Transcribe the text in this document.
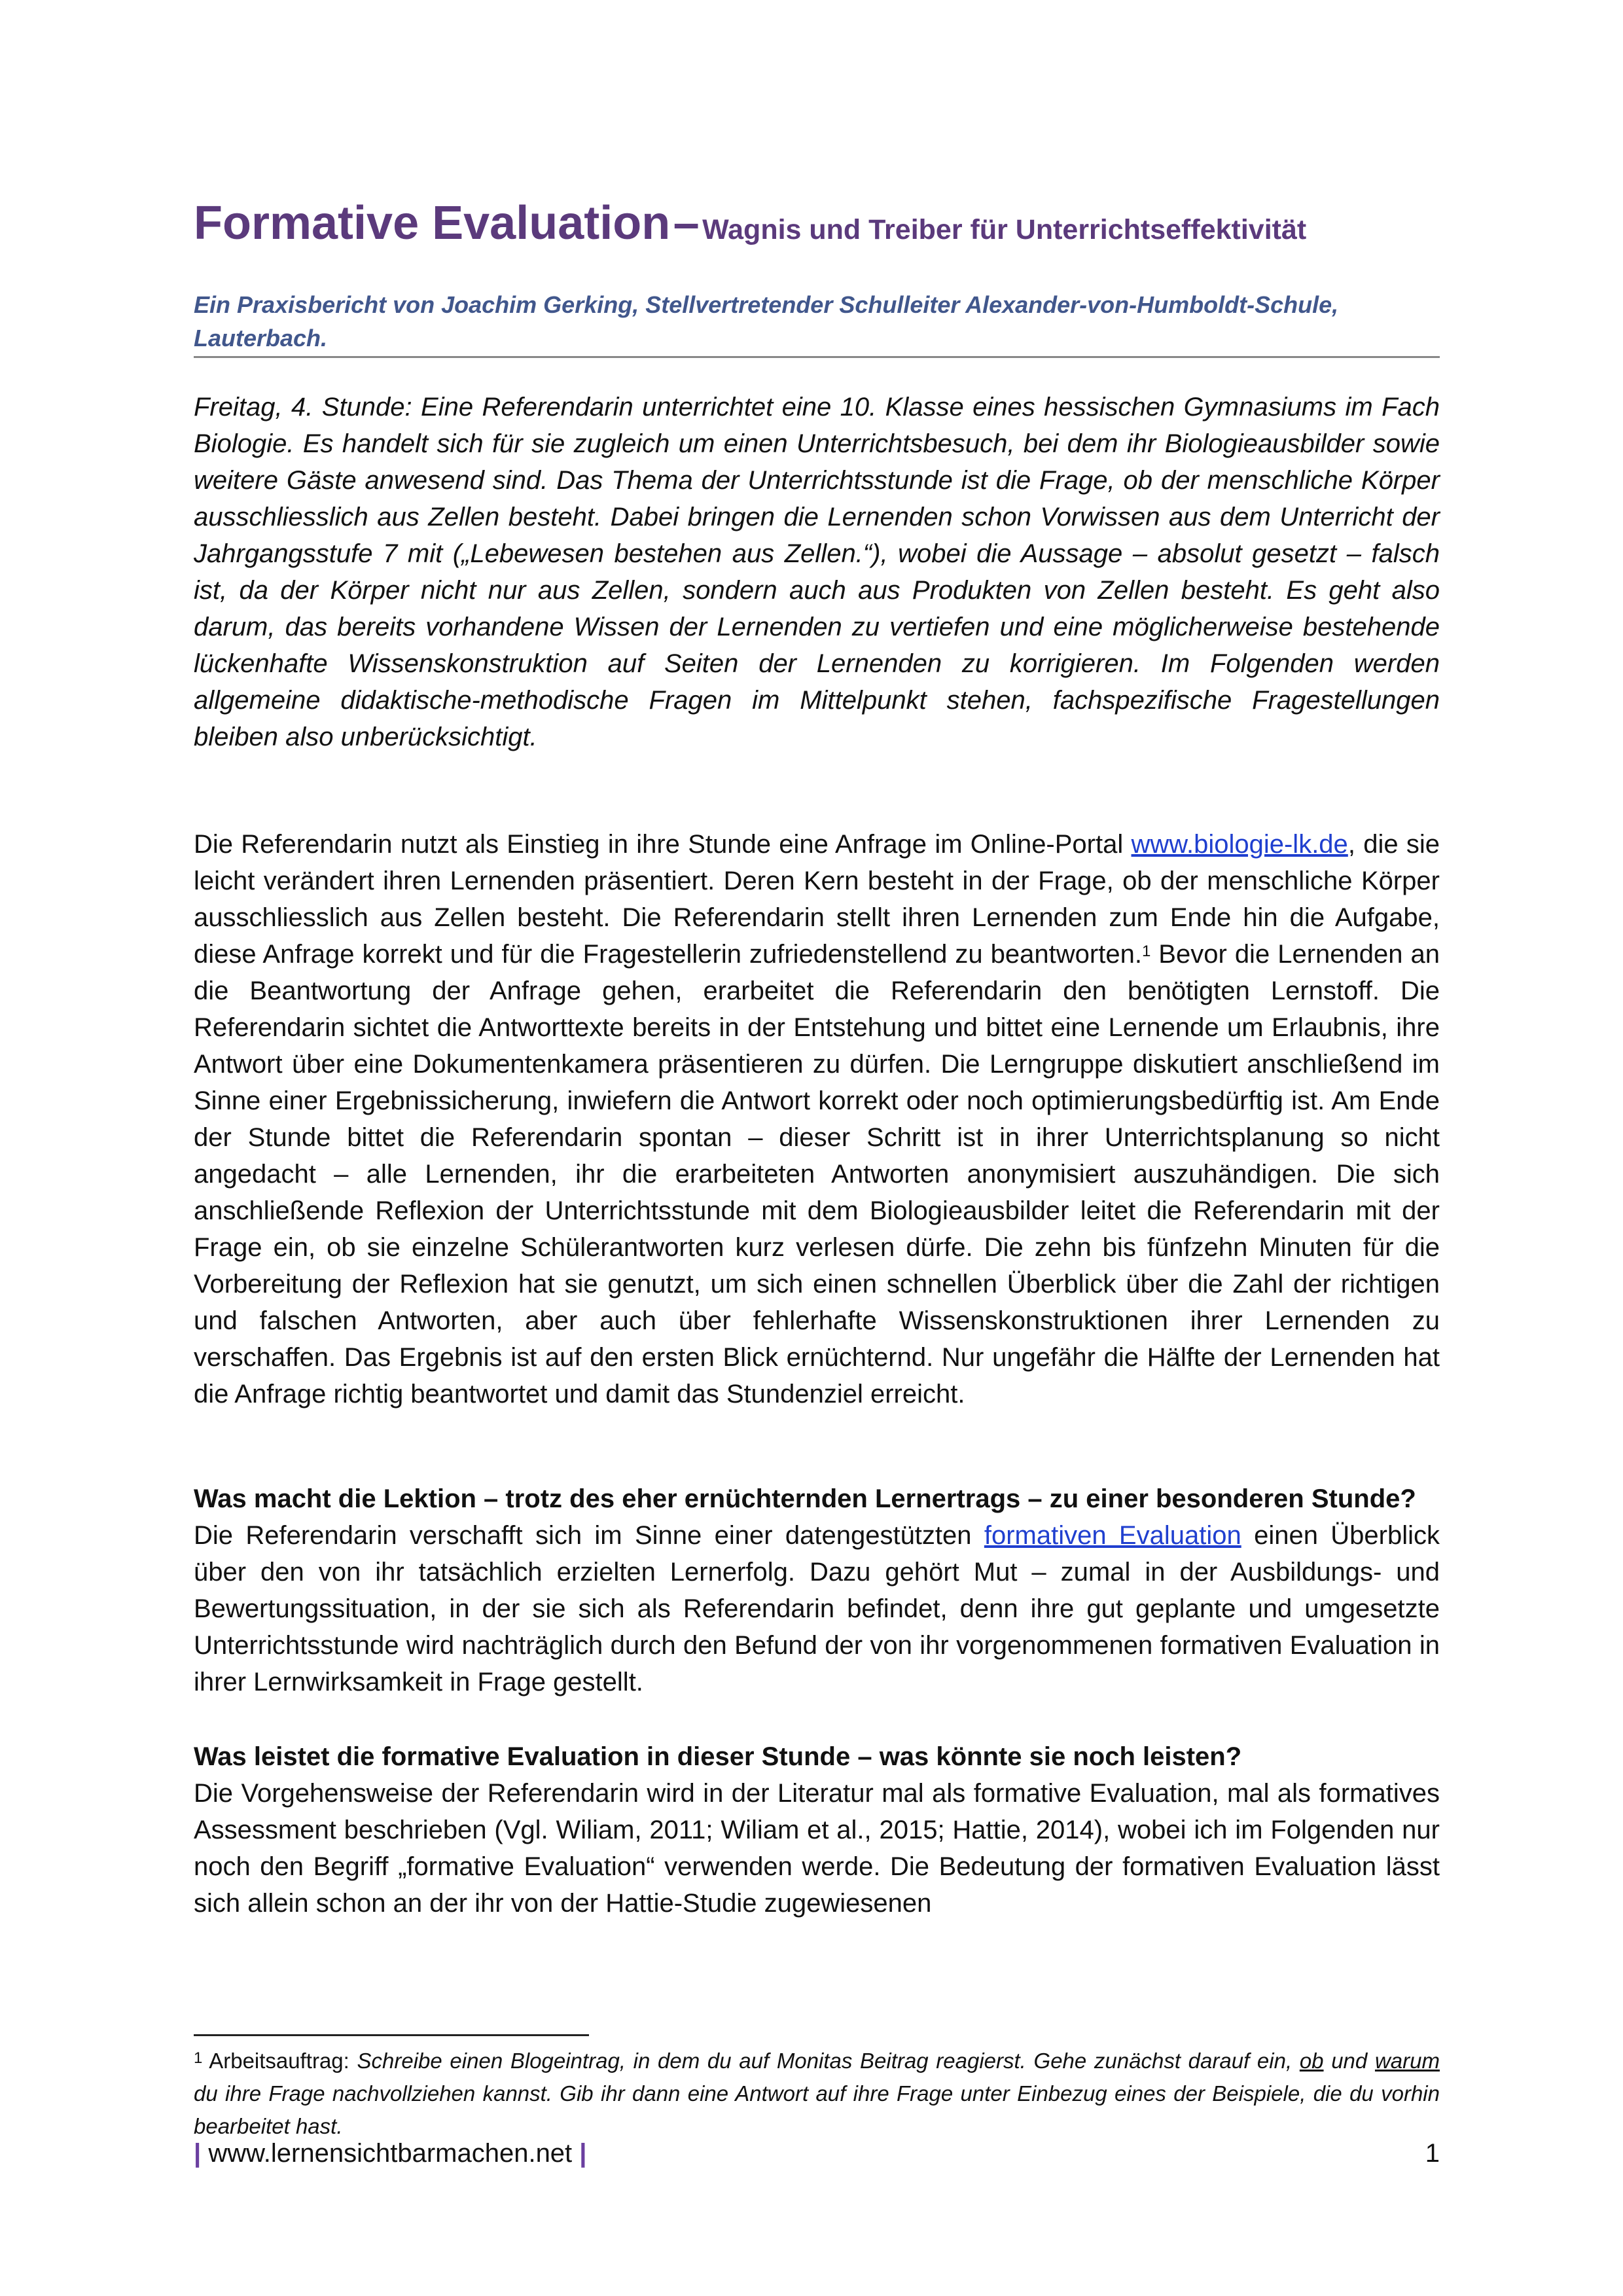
Formative Evaluation – Wagnis und Treiber für Unterrichtseffektivität
Ein Praxisbericht von Joachim Gerking, Stellvertretender Schulleiter Alexander-von-Humboldt-Schule, Lauterbach.
Freitag, 4. Stunde: Eine Referendarin unterrichtet eine 10. Klasse eines hessischen Gymnasiums im Fach Biologie. Es handelt sich für sie zugleich um einen Unterrichtsbesuch, bei dem ihr Biologieausbilder sowie weitere Gäste anwesend sind. Das Thema der Unterrichtsstunde ist die Frage, ob der menschliche Körper ausschliesslich aus Zellen besteht. Dabei bringen die Lernenden schon Vorwissen aus dem Unterricht der Jahrgangsstufe 7 mit („Lebewesen bestehen aus Zellen.“), wobei die Aussage – absolut gesetzt – falsch ist, da der Körper nicht nur aus Zellen, sondern auch aus Produkten von Zellen besteht. Es geht also darum, das bereits vorhandene Wissen der Lernenden zu vertiefen und eine möglicherweise bestehende lückenhafte Wissenskonstruktion auf Seiten der Lernenden zu korrigieren. Im Folgenden werden allgemeine didaktische-methodische Fragen im Mittelpunkt stehen, fachspezifische Fragestellungen bleiben also unberücksichtigt.
Die Referendarin nutzt als Einstieg in ihre Stunde eine Anfrage im Online-Portal www.biologie-lk.de, die sie leicht verändert ihren Lernenden präsentiert. Deren Kern besteht in der Frage, ob der menschliche Körper ausschliesslich aus Zellen besteht. Die Referendarin stellt ihren Lernenden zum Ende hin die Aufgabe, diese Anfrage korrekt und für die Fragestellerin zufriedenstellend zu beantworten.$^1$ Bevor die Lernenden an die Beantwortung der Anfrage gehen, erarbeitet die Referendarin den benötigten Lernstoff. Die Referendarin sichtet die Antworttexte bereits in der Entstehung und bittet eine Lernende um Erlaubnis, ihre Antwort über eine Dokumentenkamera präsentieren zu dürfen. Die Lerngruppe diskutiert anschließend im Sinne einer Ergebnissicherung, inwiefern die Antwort korrekt oder noch optimierungsbedürftig ist. Am Ende der Stunde bittet die Referendarin spontan – dieser Schritt ist in ihrer Unterrichtsplanung so nicht angedacht – alle Lernenden, ihr die erarbeiteten Antworten anonymisiert auszuhändigen. Die sich anschließende Reflexion der Unterrichtsstunde mit dem Biologieausbilder leitet die Referendarin mit der Frage ein, ob sie einzelne Schülerantworten kurz verlesen dürfe. Die zehn bis fünfzehn Minuten für die Vorbereitung der Reflexion hat sie genutzt, um sich einen schnellen Überblick über die Zahl der richtigen und falschen Antworten, aber auch über fehlerhafte Wissenskonstruktionen ihrer Lernenden zu verschaffen. Das Ergebnis ist auf den ersten Blick ernüchternd. Nur ungefähr die Hälfte der Lernenden hat die Anfrage richtig beantwortet und damit das Stundenziel erreicht.
Was macht die Lektion – trotz des eher ernüchternden Lernertrags – zu einer besonderen Stunde?
Die Referendarin verschafft sich im Sinne einer datengestützten formativen Evaluation einen Überblick über den von ihr tatsächlich erzielten Lernerfolg. Dazu gehört Mut – zumal in der Ausbildungs- und Bewertungssituation, in der sie sich als Referendarin befindet, denn ihre gut geplante und umgesetzte Unterrichtsstunde wird nachträglich durch den Befund der von ihr vorgenommenen formativen Evaluation in ihrer Lernwirksamkeit in Frage gestellt.
Was leistet die formative Evaluation in dieser Stunde – was könnte sie noch leisten?
Die Vorgehensweise der Referendarin wird in der Literatur mal als formative Evaluation, mal als formatives Assessment beschrieben (Vgl. Wiliam, 2011; Wiliam et al., 2015; Hattie, 2014), wobei ich im Folgenden nur noch den Begriff „formative Evaluation“ verwenden werde. Die Bedeutung der formativen Evaluation lässt sich allein schon an der ihr von der Hattie-Studie zugewiesenen
$^1$ Arbeitsauftrag: Schreibe einen Blogeintrag, in dem du auf Monitas Beitrag reagierst. Gehe zunächst darauf ein, ob und warum du ihre Frage nachvollziehen kannst. Gib ihr dann eine Antwort auf ihre Frage unter Einbezug eines der Beispiele, die du vorhin bearbeitet hast.
| www.lernensichtbarmachen.net |	1
